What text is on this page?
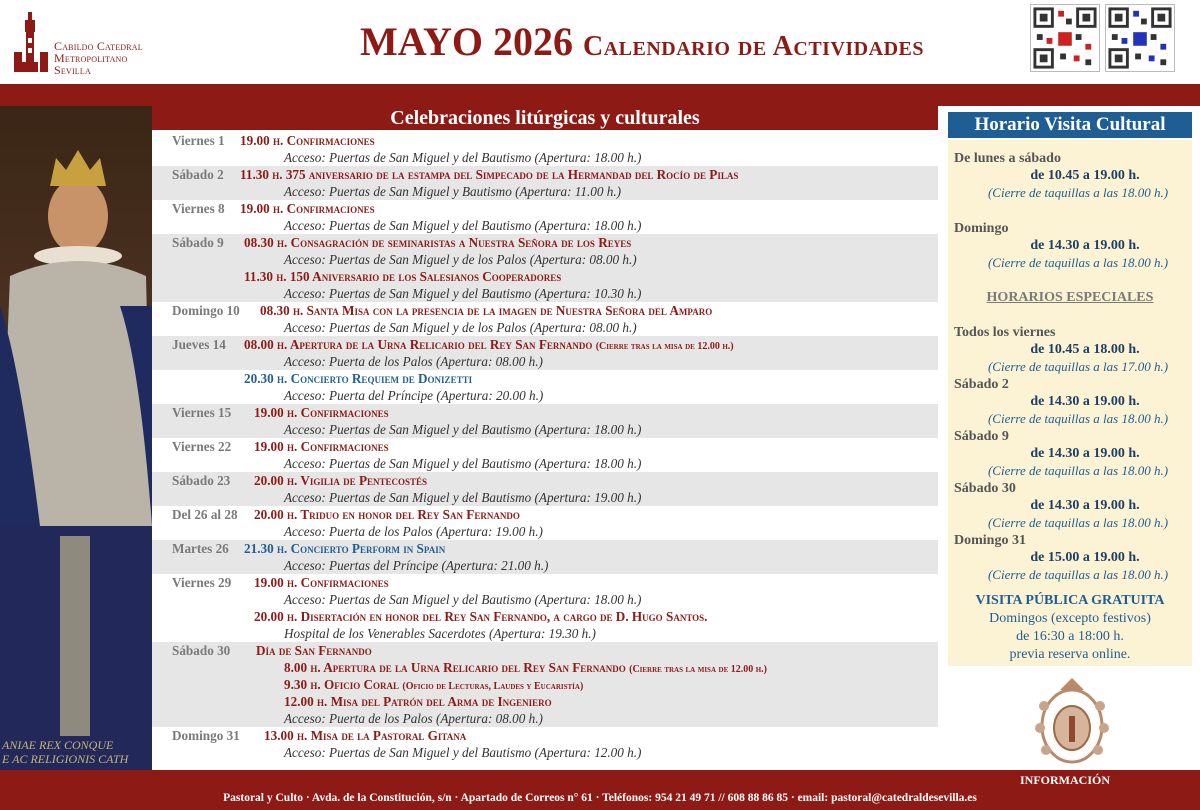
Cabildo Catedral
Metropolitano
Sevilla
MAYO 2026 Calendario de Actividades
ANIAE REX CONQUE
E AC RELIGIONIS CATH
Celebraciones litúrgicas y culturales
Viernes 1 19.00 h. Confirmaciones
Acceso: Puertas de San Miguel y del Bautismo (Apertura: 18.00 h.)
Sábado 2 11.30 h. 375 aniversario de la estampa del Simpecado de la Hermandad del Rocío de Pilas
Acceso: Puertas de San Miguel y Bautismo (Apertura: 11.00 h.)
Viernes 8 19.00 h. Confirmaciones
Acceso: Puertas de San Miguel y del Bautismo (Apertura: 18.00 h.)
Sábado 9 08.30 h. Consagración de seminaristas a Nuestra Señora de los Reyes
Acceso: Puertas de San Miguel y de los Palos (Apertura: 08.00 h.)
11.30 h. 150 Aniversario de los Salesianos Cooperadores
Acceso: Puertas de San Miguel y del Bautismo (Apertura: 10.30 h.)
Domingo 10 08.30 h. Santa Misa con la presencia de la imagen de Nuestra Señora del Amparo
Acceso: Puertas de San Miguel y de los Palos (Apertura: 08.00 h.)
Jueves 14 08.00 h. Apertura de la Urna Relicario del Rey San Fernando (Cierre tras la misa de 12.00 h.)
Acceso: Puerta de los Palos (Apertura: 08.00 h.)
20.30 h. Concierto Requiem de Donizetti
Acceso: Puerta del Príncipe (Apertura: 20.00 h.)
Viernes 15 19.00 h. Confirmaciones
Acceso: Puertas de San Miguel y del Bautismo (Apertura: 18.00 h.)
Viernes 22 19.00 h. Confirmaciones
Acceso: Puertas de San Miguel y del Bautismo (Apertura: 18.00 h.)
Sábado 23 20.00 h. Vigilia de Pentecostés
Acceso: Puertas de San Miguel y del Bautismo (Apertura: 19.00 h.)
Del 26 al 28 20.00 h. Triduo en honor del Rey San Fernando
Acceso: Puerta de los Palos (Apertura: 19.00 h.)
Martes 26 21.30 h. Concierto Perform in Spain
Acceso: Puertas del Príncipe (Apertura: 21.00 h.)
Viernes 29 19.00 h. Confirmaciones
Acceso: Puertas de San Miguel y del Bautismo (Apertura: 18.00 h.)
20.00 h. Disertación en honor del Rey San Fernando, a cargo de D. Hugo Santos.
Hospital de los Venerables Sacerdotes (Apertura: 19.30 h.)
Sábado 30 Día de San Fernando
8.00 h. Apertura de la Urna Relicario del Rey San Fernando (Cierre tras la misa de 12.00 h.)
9.30 h. Oficio Coral (Oficio de Lecturas, Laudes y Eucaristía)
12.00 h. Misa del Patrón del Arma de Ingeniero
Acceso: Puerta de los Palos (Apertura: 08.00 h.)
Domingo 31 13.00 h. Misa de la Pastoral Gitana
Acceso: Puertas de San Miguel y del Bautismo (Apertura: 12.00 h.)
Horario Visita Cultural
De lunes a sábado
de 10.45 a 19.00 h.
(Cierre de taquillas a las 18.00 h.)
Domingo
de 14.30 a 19.00 h.
(Cierre de taquillas a las 18.00 h.)
HORARIOS ESPECIALES
Todos los viernes
de 10.45 a 18.00 h.
(Cierre de taquillas a las 17.00 h.)
Sábado 2
de 14.30 a 19.00 h.
(Cierre de taquillas a las 18.00 h.)
Sábado 9
de 14.30 a 19.00 h.
(Cierre de taquillas a las 18.00 h.)
Sábado 30
de 14.30 a 19.00 h.
(Cierre de taquillas a las 18.00 h.)
Domingo 31
de 15.00 a 19.00 h.
(Cierre de taquillas a las 18.00 h.)
VISITA PÚBLICA GRATUITA
Domingos (excepto festivos)
de 16:30 a 18:00 h.
previa reserva online.
INFORMACIÓN
Pastoral y Culto · Avda. de la Constitución, s/n · Apartado de Correos n° 61 · Teléfonos: 954 21 49 71 // 608 88 86 85 · email: pastoral@catedraldesevilla.es
